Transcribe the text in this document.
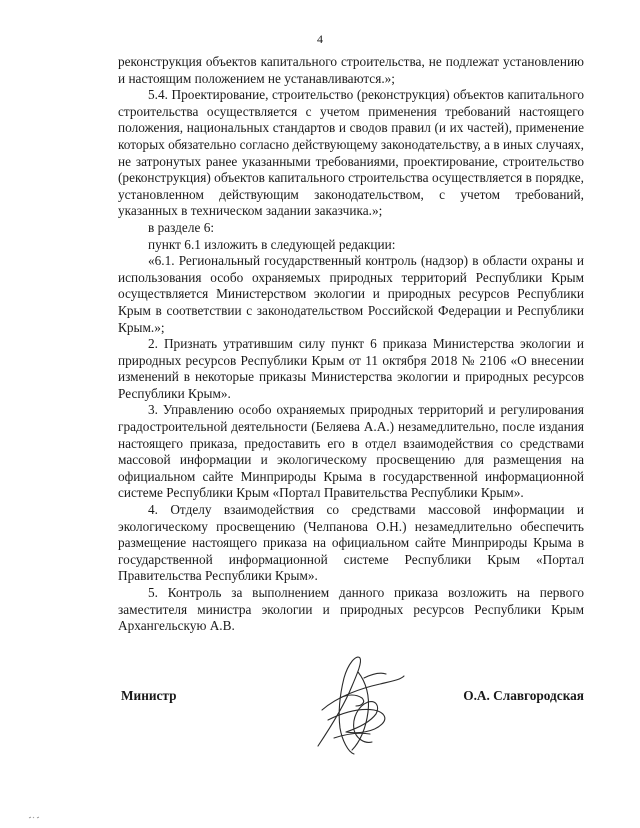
4

реконструкция объектов капитального строительства, не подлежат установлению и настоящим положением не устанавливаются.»;

5.4. Проектирование, строительство (реконструкция) объектов капитального строительства осуществляется с учетом применения требований настоящего положения, национальных стандартов и сводов правил (и их частей), применение которых обязательно согласно действующему законодательству, а в иных случаях, не затронутых ранее указанными требованиями, проектирование, строительство (реконструкция) объектов капитального строительства осуществляется в порядке, установленном действующим законодательством, с учетом требований, указанных в техническом задании заказчика.»;

в разделе 6:

пункт 6.1 изложить в следующей редакции:

«6.1. Региональный государственный контроль (надзор) в области охраны и использования особо охраняемых природных территорий Республики Крым осуществляется Министерством экологии и природных ресурсов Республики Крым в соответствии с законодательством Российской Федерации и Республики Крым.»;

2. Признать утратившим силу пункт 6 приказа Министерства экологии и природных ресурсов Республики Крым от 11 октября 2018 № 2106 «О внесении изменений в некоторые приказы Министерства экологии и природных ресурсов Республики Крым».

3. Управлению особо охраняемых природных территорий и регулирования градостроительной деятельности (Беляева А.А.) незамедлительно, после издания настоящего приказа, предоставить его в отдел взаимодействия со средствами массовой информации и экологическому просвещению для размещения на официальном сайте Минприроды Крыма в государственной информационной системе Республики Крым «Портал Правительства Республики Крым».

4. Отделу взаимодействия со средствами массовой информации и экологическому просвещению (Челпанова О.Н.) незамедлительно обеспечить размещение настоящего приказа на официальном сайте Минприроды Крыма в государственной информационной системе Республики Крым «Портал Правительства Республики Крым».

5. Контроль за выполнением данного приказа возложить на первого заместителя министра экологии и природных ресурсов Республики Крым Архангельскую А.В.

Министр	О.А. Славгородская
